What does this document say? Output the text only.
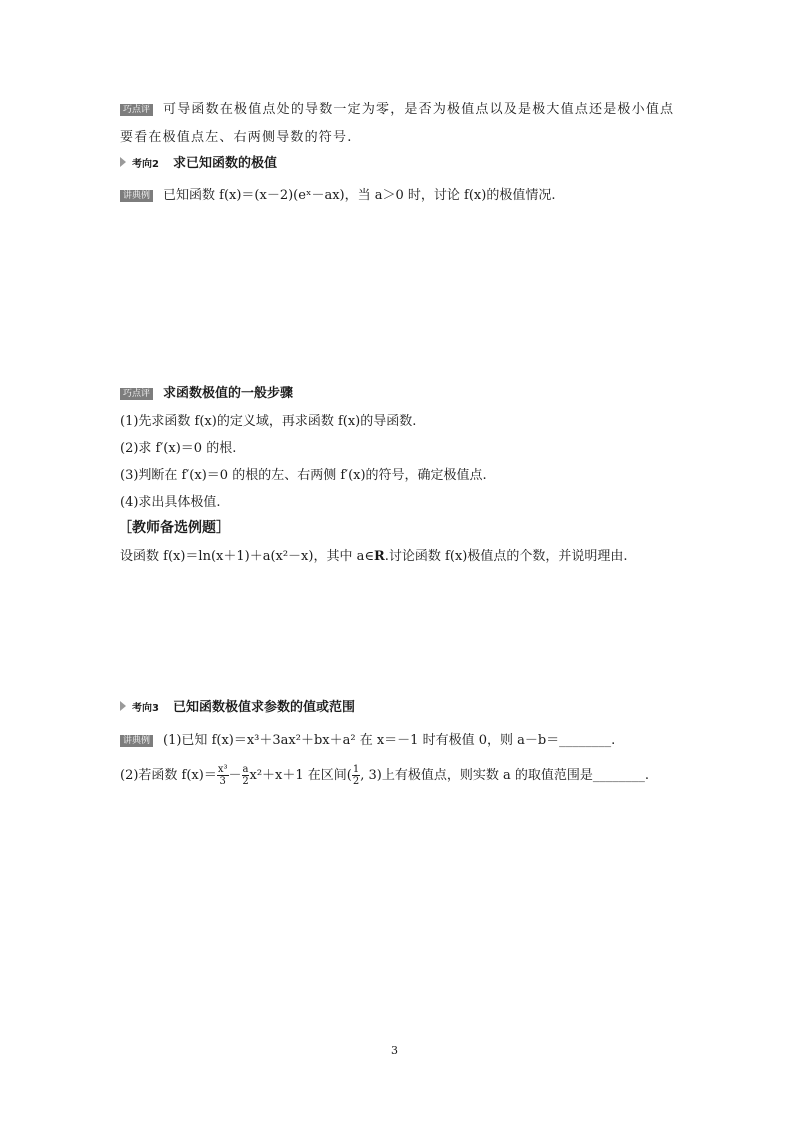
巧点评 可导函数在极值点处的导数一定为零，是否为极值点以及是极大值点还是极小值点
要看在极值点左、右两侧导数的符号.
考向2 求已知函数的极值
讲典例 已知函数 f(x)＝(x－2)(eˣ－ax)，当 a＞0 时，讨论 f(x)的极值情况.
巧点评 求函数极值的一般步骤
(1)先求函数 f(x)的定义域，再求函数 f(x)的导函数.
(2)求 f′(x)＝0 的根.
(3)判断在 f′(x)＝0 的根的左、右两侧 f′(x)的符号，确定极值点.
(4)求出具体极值.
［教师备选例题］
设函数 f(x)＝ln(x＋1)＋a(x²－x)，其中 a∈R.讨论函数 f(x)极值点的个数，并说明理由.
考向3 已知函数极值求参数的值或范围
讲典例 (1)已知 f(x)＝x³＋3ax²＋bx＋a² 在 x＝－1 时有极值 0，则 a－b＝________.
(2)若函数 $f(x)= \frac{\text{x³}}{3} - \frac{a}{2} x^2+x+1$ 在区间( $\frac{1}{2}$ , 3)上有极值点，则实数 a 的取值范围是________.
3
